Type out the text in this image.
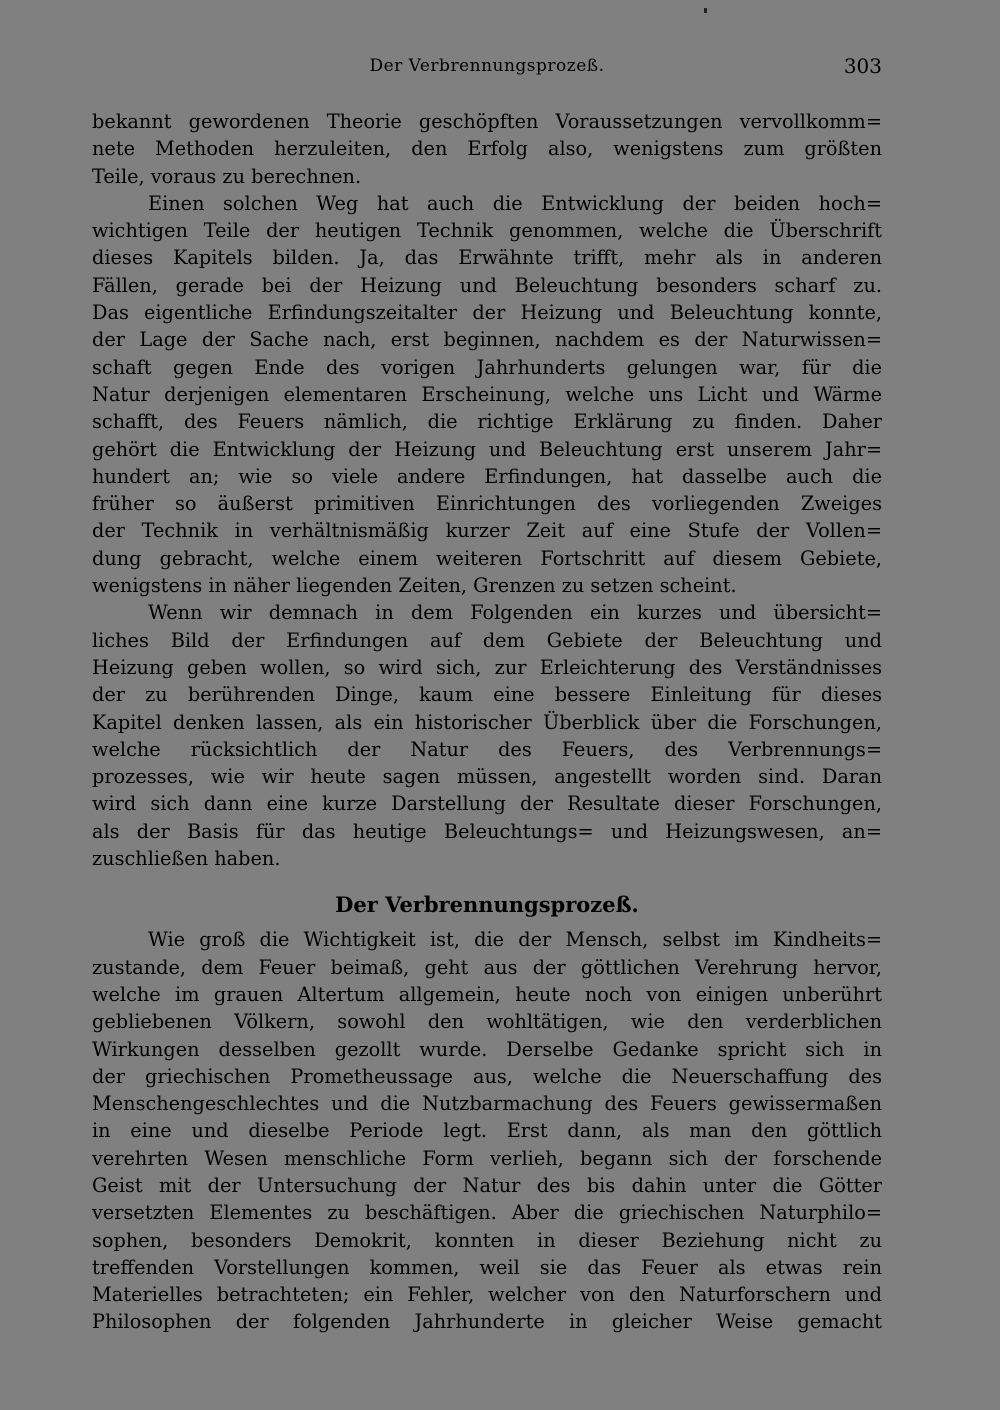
Der Verbrennungsprozeß.	303
bekannt gewordenen Theorie geschöpften Voraussetzungen vervollkomm=
nete Methoden herzuleiten, den Erfolg also, wenigstens zum größten
Teile, voraus zu berechnen.
Einen solchen Weg hat auch die Entwicklung der beiden hoch=
wichtigen Teile der heutigen Technik genommen, welche die Überschrift
dieses Kapitels bilden. Ja, das Erwähnte trifft, mehr als in anderen
Fällen, gerade bei der Heizung und Beleuchtung besonders scharf zu.
Das eigentliche Erfindungszeitalter der Heizung und Beleuchtung konnte,
der Lage der Sache nach, erst beginnen, nachdem es der Naturwissen=
schaft gegen Ende des vorigen Jahrhunderts gelungen war, für die
Natur derjenigen elementaren Erscheinung, welche uns Licht und Wärme
schafft, des Feuers nämlich, die richtige Erklärung zu finden. Daher
gehört die Entwicklung der Heizung und Beleuchtung erst unserem Jahr=
hundert an; wie so viele andere Erfindungen, hat dasselbe auch die
früher so äußerst primitiven Einrichtungen des vorliegenden Zweiges
der Technik in verhältnismäßig kurzer Zeit auf eine Stufe der Vollen=
dung gebracht, welche einem weiteren Fortschritt auf diesem Gebiete,
wenigstens in näher liegenden Zeiten, Grenzen zu setzen scheint.
Wenn wir demnach in dem Folgenden ein kurzes und übersicht=
liches Bild der Erfindungen auf dem Gebiete der Beleuchtung und
Heizung geben wollen, so wird sich, zur Erleichterung des Verständnisses
der zu berührenden Dinge, kaum eine bessere Einleitung für dieses
Kapitel denken lassen, als ein historischer Überblick über die Forschungen,
welche rücksichtlich der Natur des Feuers, des Verbrennungs=
prozesses, wie wir heute sagen müssen, angestellt worden sind. Daran
wird sich dann eine kurze Darstellung der Resultate dieser Forschungen,
als der Basis für das heutige Beleuchtungs= und Heizungswesen, an=
zuschließen haben.
Der Verbrennungsprozeß.
Wie groß die Wichtigkeit ist, die der Mensch, selbst im Kindheits=
zustande, dem Feuer beimaß, geht aus der göttlichen Verehrung hervor,
welche im grauen Altertum allgemein, heute noch von einigen unberührt
gebliebenen Völkern, sowohl den wohltätigen, wie den verderblichen
Wirkungen desselben gezollt wurde. Derselbe Gedanke spricht sich in
der griechischen Prometheussage aus, welche die Neuerschaffung des
Menschengeschlechtes und die Nutzbarmachung des Feuers gewissermaßen
in eine und dieselbe Periode legt. Erst dann, als man den göttlich
verehrten Wesen menschliche Form verlieh, begann sich der forschende
Geist mit der Untersuchung der Natur des bis dahin unter die Götter
versetzten Elementes zu beschäftigen. Aber die griechischen Naturphilo=
sophen, besonders Demokrit, konnten in dieser Beziehung nicht zu
treffenden Vorstellungen kommen, weil sie das Feuer als etwas rein
Materielles betrachteten; ein Fehler, welcher von den Naturforschern und
Philosophen der folgenden Jahrhunderte in gleicher Weise gemacht
